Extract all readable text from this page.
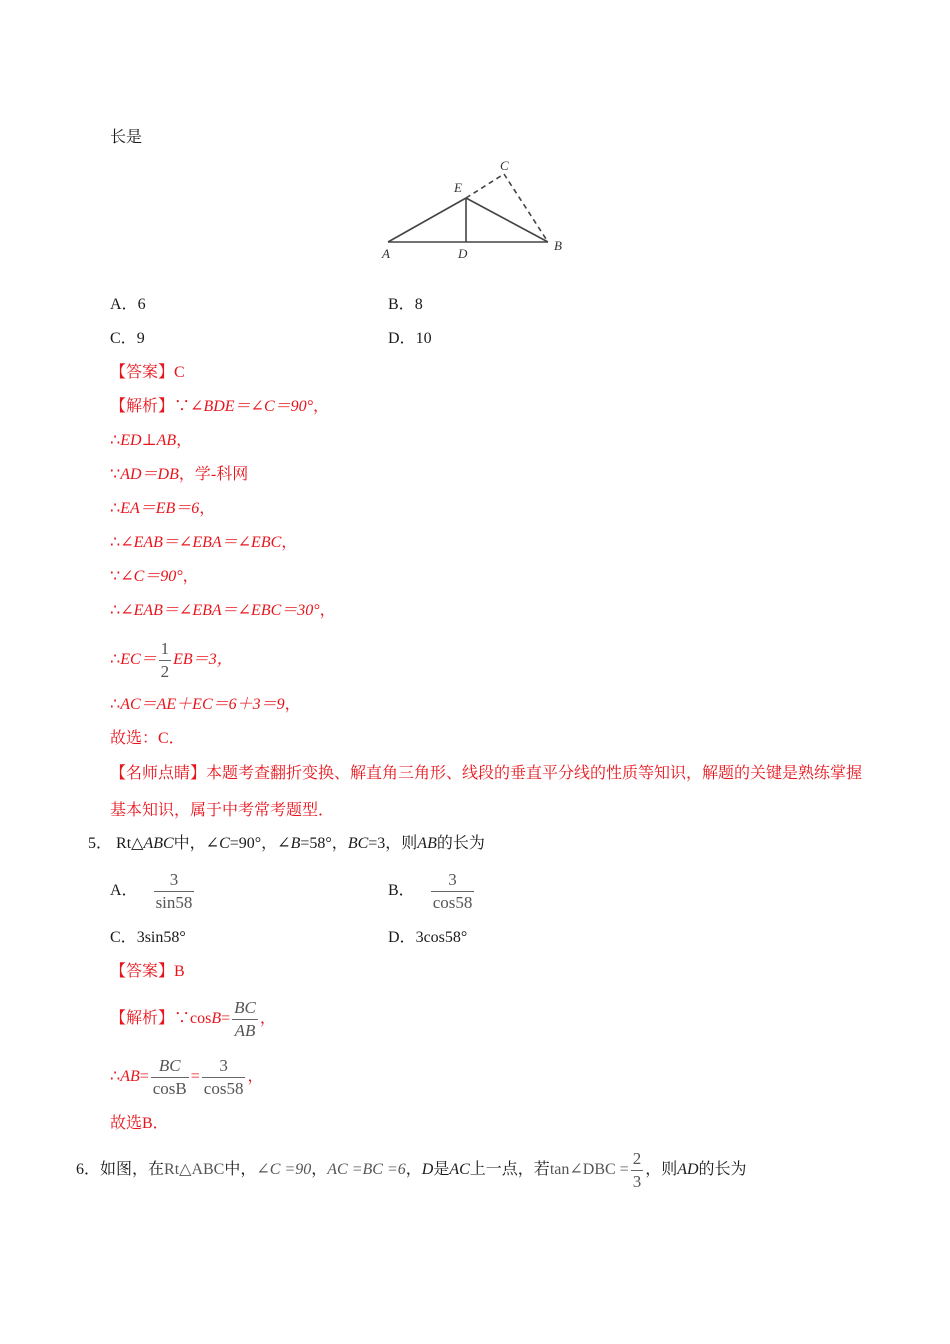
长是
A	D
B
C
E
A．6	B．8
C．9	D．10
【答案】C
【解析】∵∠BDE＝∠C＝90°，
∴ED⊥AB，
∵AD＝DB，学-科网
∴EA＝EB＝6，
∴∠EAB＝∠EBA＝∠EBC，
∵∠C＝90°，
∴∠EAB＝∠EBA＝∠EBC＝30°，
∴EC＝ $\frac{1}{2} EB=3$，
∴AC＝AE＋EC＝6＋3＝9，
故选：C．
【名师点睛】本题考查翻折变换、解直角三角形、线段的垂直平分线的性质等知识，解题的关键是熟练掌握
基本知识，属于中考常考题型．
5． Rt△ABC中，∠C=90°，∠B=58°，BC=3，则AB的长为
A． $\frac{3}{\sin 58}$	B． $\frac{3}{\cos 58}$
C．3sin58°	D．3cos58°
【答案】B
【解析】∵cosB= $\frac{BC}{AB}$ ，
∴AB= $\frac{BC}{\cos B} = \frac{3}{\cos 58}$ ，
故选B．
6．如图，在Rt△ABC中，∠C =90，AC =BC =6，D是AC上一点，若tan∠DBC = $\frac{2}{3}$ ，则AD的长为
